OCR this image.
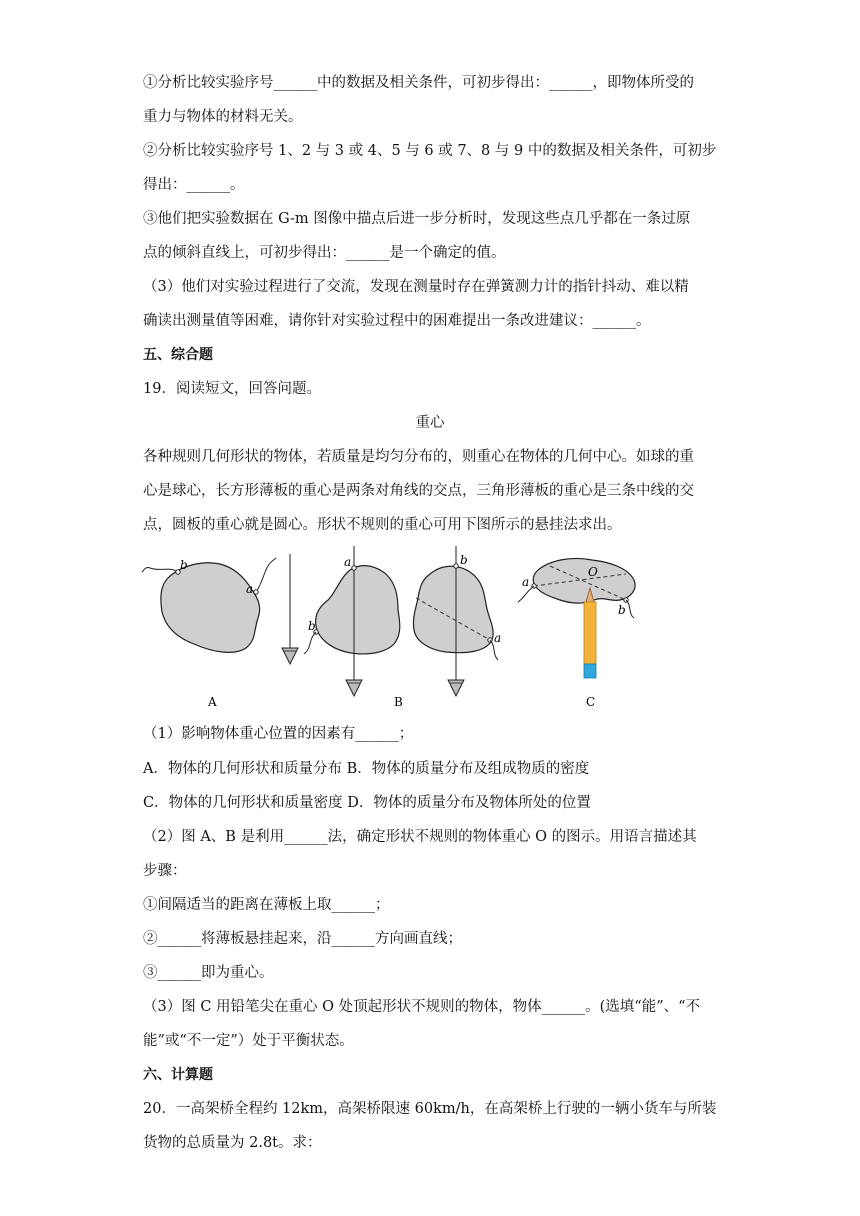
①分析比较实验序号______中的数据及相关条件，可初步得出：______，即物体所受的
重力与物体的材料无关。
②分析比较实验序号 1、2 与 3 或 4、5 与 6 或 7、8 与 9 中的数据及相关条件，可初步
得出：______。
③他们把实验数据在 G-m 图像中描点后进一步分析时，发现这些点几乎都在一条过原
点的倾斜直线上，可初步得出：______是一个确定的值。
（3）他们对实验过程进行了交流，发现在测量时存在弹簧测力计的指针抖动、难以精
确读出测量值等困难，请你针对实验过程中的困难提出一条改进建议：______。
五、综合题
19．阅读短文，回答问题。
重心
各种规则几何形状的物体，若质量是均匀分布的，则重心在物体的几何中心。如球的重
心是球心，长方形薄板的重心是两条对角线的交点，三角形薄板的重心是三条中线的交
点，圆板的重心就是圆心。形状不规则的重心可用下图所示的悬挂法求出。
b
a
a
b
b
a
a
b
O
A	B	C
（1）影响物体重心位置的因素有______；
A．物体的几何形状和质量分布 B．物体的质量分布及组成物质的密度
C．物体的几何形状和质量密度 D．物体的质量分布及物体所处的位置
（2）图 A、B 是利用______法，确定形状不规则的物体重心 O 的图示。用语言描述其
步骤：
①间隔适当的距离在薄板上取______；
②______将薄板悬挂起来，沿______方向画直线；
③______即为重心。
（3）图 C 用铅笔尖在重心 O 处顶起形状不规则的物体，物体______。(选填“能”、“不
能”或“不一定”）处于平衡状态。
六、计算题
20．一高架桥全程约 12km，高架桥限速 60km/h，在高架桥上行驶的一辆小货车与所装
货物的总质量为 2.8t。求：
